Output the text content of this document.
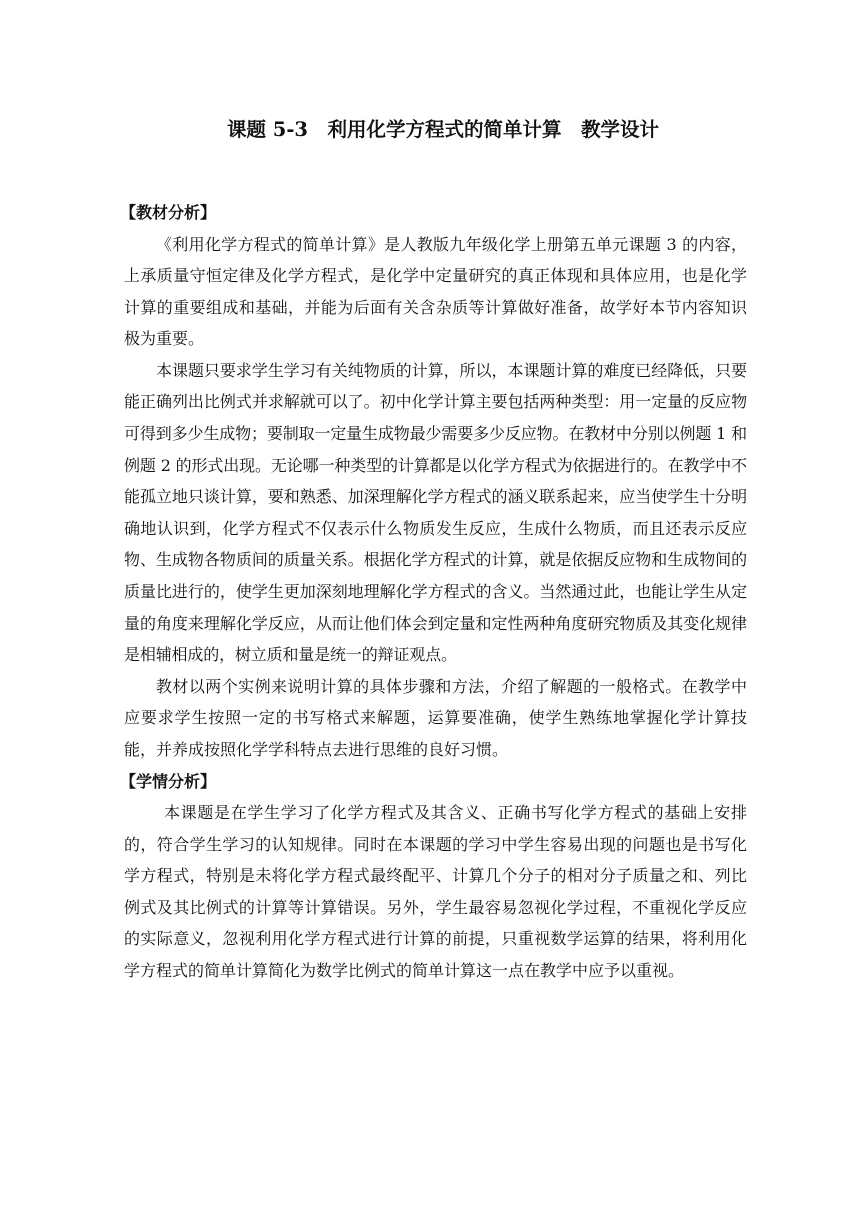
课题 5-3　利用化学方程式的简单计算　教学设计
【教材分析】

《利用化学方程式的简单计算》是人教版九年级化学上册第五单元课题 3 的内容，上承质量守恒定律及化学方程式，是化学中定量研究的真正体现和具体应用，也是化学计算的重要组成和基础，并能为后面有关含杂质等计算做好准备，故学好本节内容知识极为重要。

本课题只要求学生学习有关纯物质的计算，所以，本课题计算的难度已经降低，只要能正确列出比例式并求解就可以了。初中化学计算主要包括两种类型：用一定量的反应物可得到多少生成物；要制取一定量生成物最少需要多少反应物。在教材中分别以例题 1 和例题 2 的形式出现。无论哪一种类型的计算都是以化学方程式为依据进行的。在教学中不能孤立地只谈计算，要和熟悉、加深理解化学方程式的涵义联系起来，应当使学生十分明确地认识到，化学方程式不仅表示什么物质发生反应，生成什么物质，而且还表示反应物、生成物各物质间的质量关系。根据化学方程式的计算，就是依据反应物和生成物间的质量比进行的，使学生更加深刻地理解化学方程式的含义。当然通过此，也能让学生从定量的角度来理解化学反应，从而让他们体会到定量和定性两种角度研究物质及其变化规律是相辅相成的，树立质和量是统一的辩证观点。

教材以两个实例来说明计算的具体步骤和方法，介绍了解题的一般格式。在教学中应要求学生按照一定的书写格式来解题，运算要准确，使学生熟练地掌握化学计算技能，并养成按照化学学科特点去进行思维的良好习惯。

【学情分析】

本课题是在学生学习了化学方程式及其含义、正确书写化学方程式的基础上安排的，符合学生学习的认知规律。同时在本课题的学习中学生容易出现的问题也是书写化学方程式，特别是未将化学方程式最终配平、计算几个分子的相对分子质量之和、列比例式及其比例式的计算等计算错误。另外，学生最容易忽视化学过程，不重视化学反应的实际意义，忽视利用化学方程式进行计算的前提，只重视数学运算的结果，将利用化学方程式的简单计算简化为数学比例式的简单计算这一点在教学中应予以重视。
